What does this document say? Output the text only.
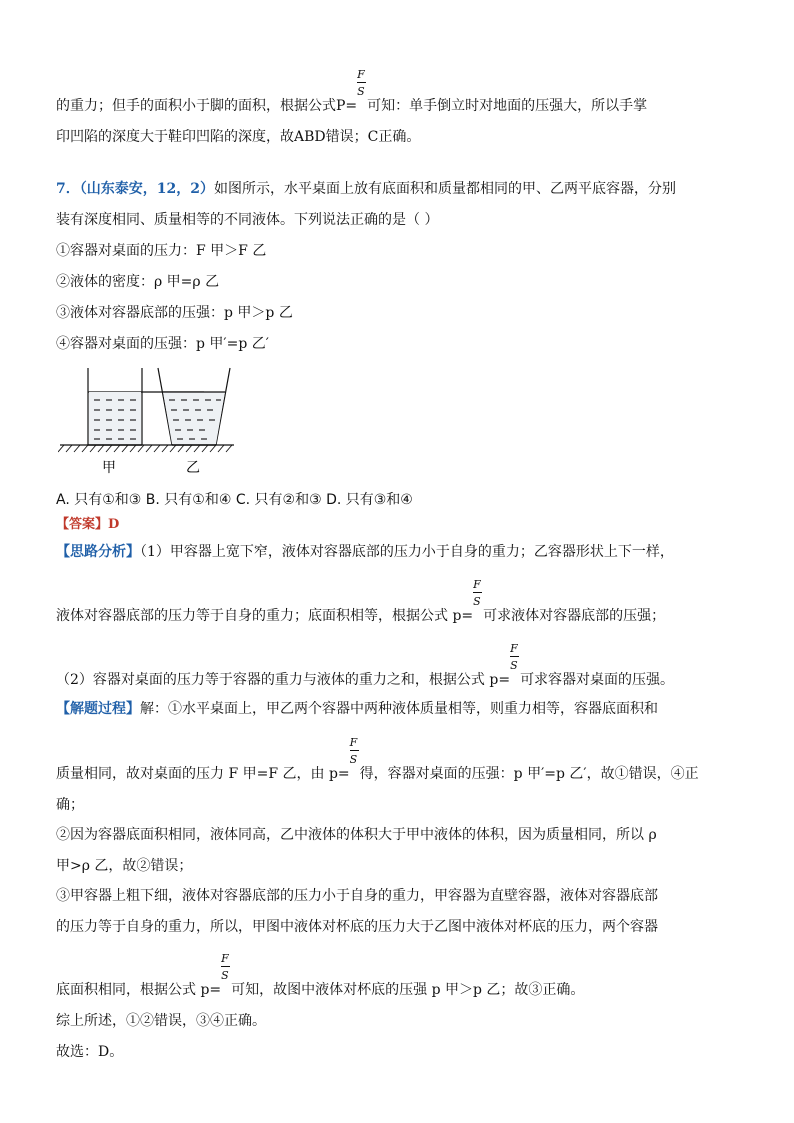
的重力；但手的面积小于脚的面积，根据公式$P= \frac{F}{S}$ 可知：单手倒立时对地面的压强大，所以手掌
印凹陷的深度大于鞋印凹陷的深度，故ABD错误；C正确。
7．（山东泰安，12，2）如图所示，水平桌面上放有底面积和质量都相同的甲、乙两平底容器，分别
装有深度相同、质量相等的不同液体。下列说法正确的是（ ）
①容器对桌面的压力：F 甲＞F 乙
②液体的密度：ρ 甲=ρ 乙
③液体对容器底部的压强：p 甲＞p 乙
④容器对桌面的压强：p 甲′=p 乙′
甲	乙
A. 只有①和③ B. 只有①和④ C. 只有②和③ D. 只有③和④
【答案】D
【思路分析】（1）甲容器上宽下窄，液体对容器底部的压力小于自身的重力；乙容器形状上下一样，
液体对容器底部的压力等于自身的重力；底面积相等，根据公式 $p= \frac{F}{S}$ 可求液体对容器底部的压强；
（2）容器对桌面的压力等于容器的重力与液体的重力之和，根据公式 $p= \frac{F}{S}$ 可求容器对桌面的压强。
【解题过程】解：①水平桌面上，甲乙两个容器中两种液体质量相等，则重力相等，容器底面积和
质量相同，故对桌面的压力 F 甲=F 乙，由 $p= \frac{F}{S}$ 得，容器对桌面的压强：p 甲′=p 乙′，故①错误，④正
确；
②因为容器底面积相同，液体同高，乙中液体的体积大于甲中液体的体积，因为质量相同，所以 ρ
甲>ρ 乙，故②错误；
③甲容器上粗下细，液体对容器底部的压力小于自身的重力，甲容器为直壁容器，液体对容器底部
的压力等于自身的重力，所以，甲图中液体对杯底的压力大于乙图中液体对杯底的压力，两个容器
底面积相同，根据公式 $p= \frac{F}{S}$ 可知，故图中液体对杯底的压强 p 甲＞p 乙；故③正确。
综上所述，①②错误，③④正确。
故选：D。
